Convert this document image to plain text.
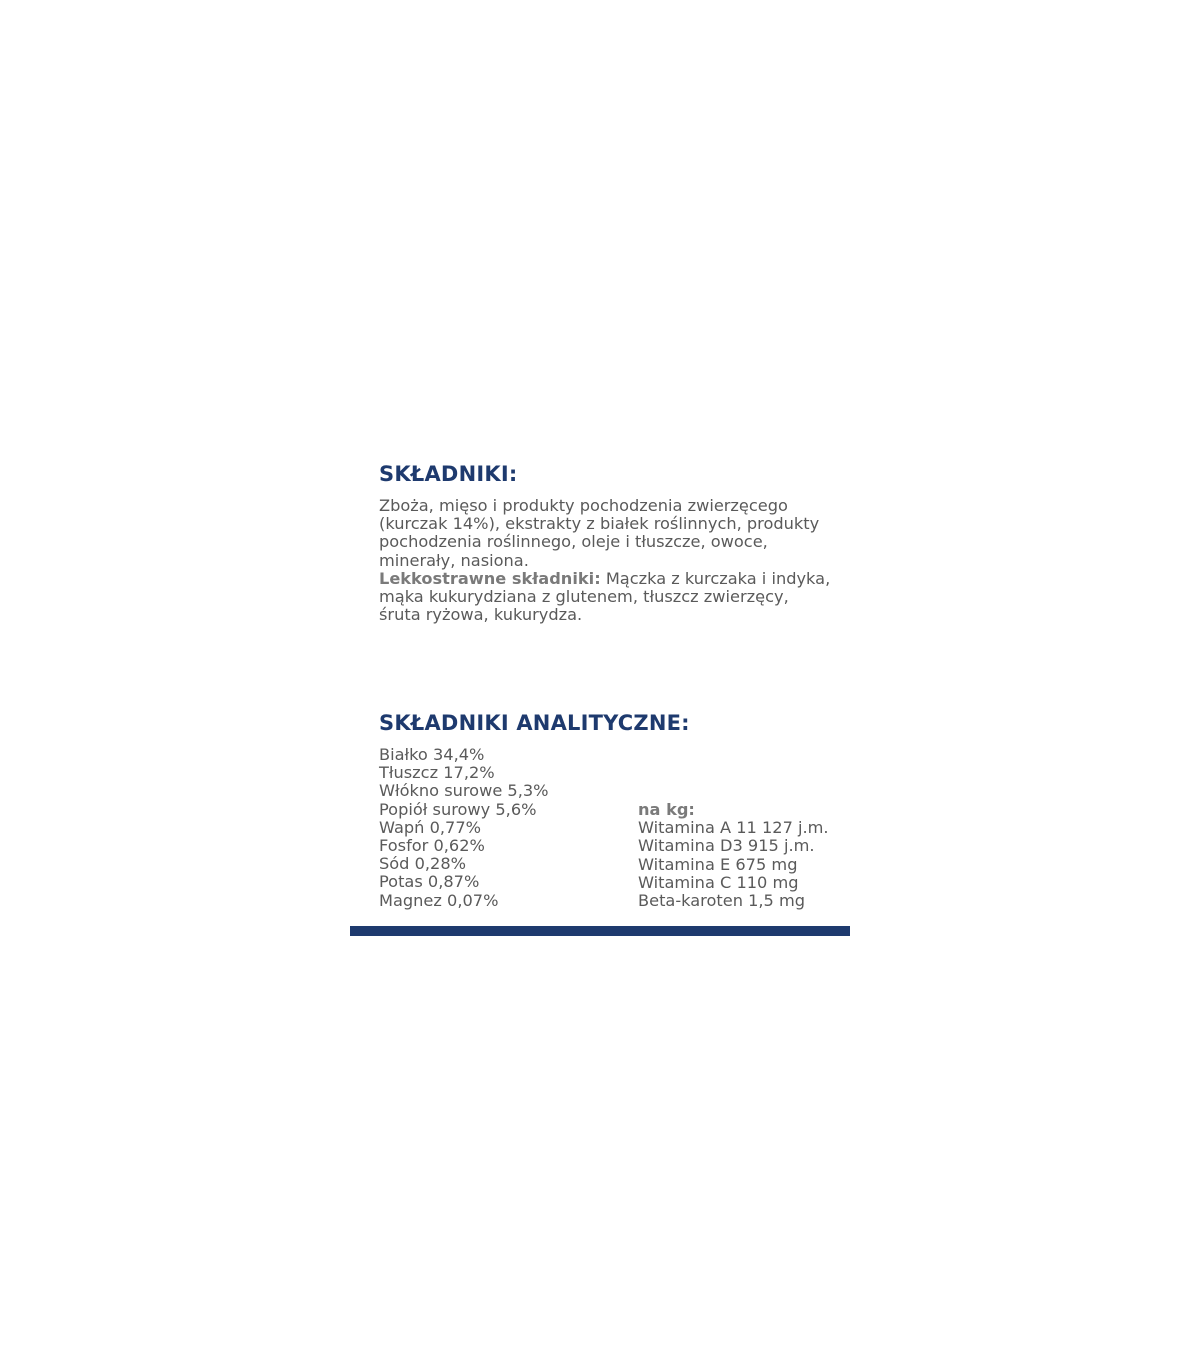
SKŁADNIKI:

Zboża, mięso i produkty pochodzenia zwierzęcego
(kurczak 14%), ekstrakty z białek roślinnych, produkty
pochodzenia roślinnego, oleje i tłuszcze, owoce,
minerały, nasiona.
Lekkostrawne składniki: Mączka z kurczaka i indyka,
mąka kukurydziana z glutenem, tłuszcz zwierzęcy,
śruta ryżowa, kukurydza.

SKŁADNIKI ANALITYCZNE:
Białko 34,4%
Tłuszcz 17,2%
Włókno surowe 5,3%
Popiół surowy 5,6%
Wapń 0,77%
Fosfor 0,62%
Sód 0,28%
Potas 0,87%
Magnez 0,07%
na kg:
Witamina A 11 127 j.m.
Witamina D3 915 j.m.
Witamina E 675 mg
Witamina C 110 mg
Beta-karoten 1,5 mg
